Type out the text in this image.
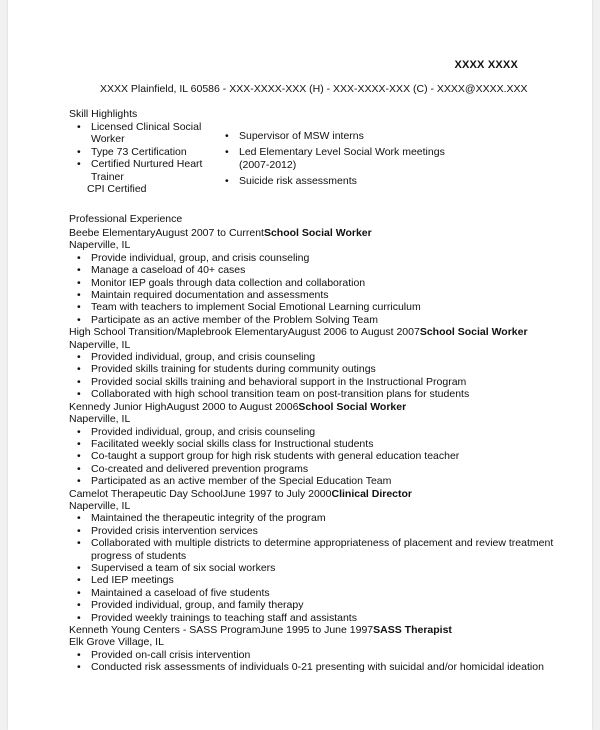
XXXX XXXX
XXXX Plainfield, IL 60586 - XXX-XXXX-XXX (H) - XXX-XXXX-XXX (C) - XXXX@XXXX.XXX
Skill Highlights
• Licensed Clinical Social Worker
• Type 73 Certification
• Certified Nurtured Heart Trainer
CPI Certified
• Supervisor of MSW interns
• Led Elementary Level Social Work meetings (2007-2012)
• Suicide risk assessments
Professional Experience
Beebe ElementaryAugust 2007 to CurrentSchool Social Worker
Naperville, IL
• Provide individual, group, and crisis counseling
• Manage a caseload of 40+ cases
• Monitor IEP goals through data collection and collaboration
• Maintain required documentation and assessments
• Team with teachers to implement Social Emotional Learning curriculum
• Participate as an active member of the Problem Solving Team
High School Transition/Maplebrook ElementaryAugust 2006 to August 2007School Social Worker
Naperville, IL
• Provided individual, group, and crisis counseling
• Provided skills training for students during community outings
• Provided social skills training and behavioral support in the Instructional Program
• Collaborated with high school transition team on post-transition plans for students
Kennedy Junior HighAugust 2000 to August 2006School Social Worker
Naperville, IL
• Provided individual, group, and crisis counseling
• Facilitated weekly social skills class for Instructional students
• Co-taught a support group for high risk students with general education teacher
• Co-created and delivered prevention programs
• Participated as an active member of the Special Education Team
Camelot Therapeutic Day SchoolJune 1997 to July 2000Clinical Director
Naperville, IL
• Maintained the therapeutic integrity of the program
• Provided crisis intervention services
• Collaborated with multiple districts to determine appropriateness of placement and review treatment progress of students
• Supervised a team of six social workers
• Led IEP meetings
• Maintained a caseload of five students
• Provided individual, group, and family therapy
• Provided weekly trainings to teaching staff and assistants
Kenneth Young Centers - SASS ProgramJune 1995 to June 1997SASS Therapist
Elk Grove Village, IL
• Provided on-call crisis intervention
• Conducted risk assessments of individuals 0-21 presenting with suicidal and/or homicidal ideation
